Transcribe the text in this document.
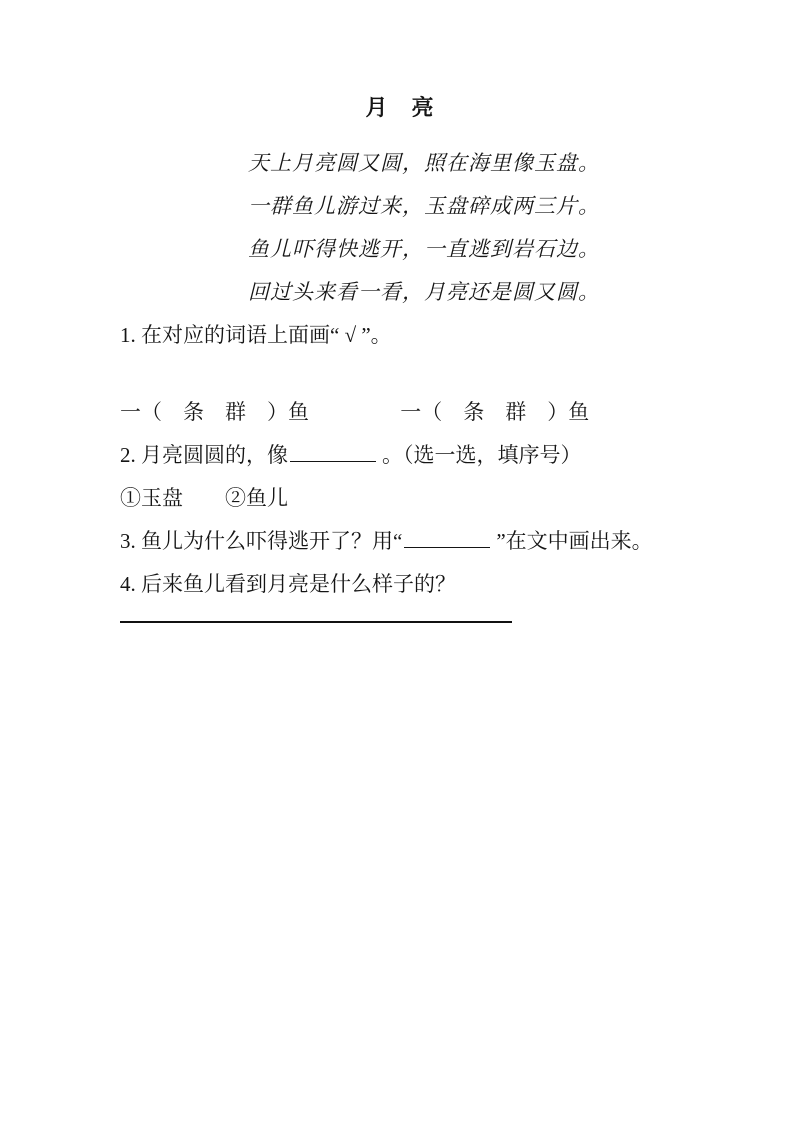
月　亮
天上月亮圆又圆，照在海里像玉盘。
一群鱼儿游过来，玉盘碎成两三片。
鱼儿吓得快逃开，一直逃到岩石边。
回过头来看一看，月亮还是圆又圆。
1. 在对应的词语上面画“ √ ”。
一（　条　群　）鱼	一（　条　群　）鱼
2. 月亮圆圆的，像	。（选一选，填序号）
①玉盘　　②鱼儿
3. 鱼儿为什么吓得逃开了？用“	”在文中画出来。
4. 后来鱼儿看到月亮是什么样子的？
